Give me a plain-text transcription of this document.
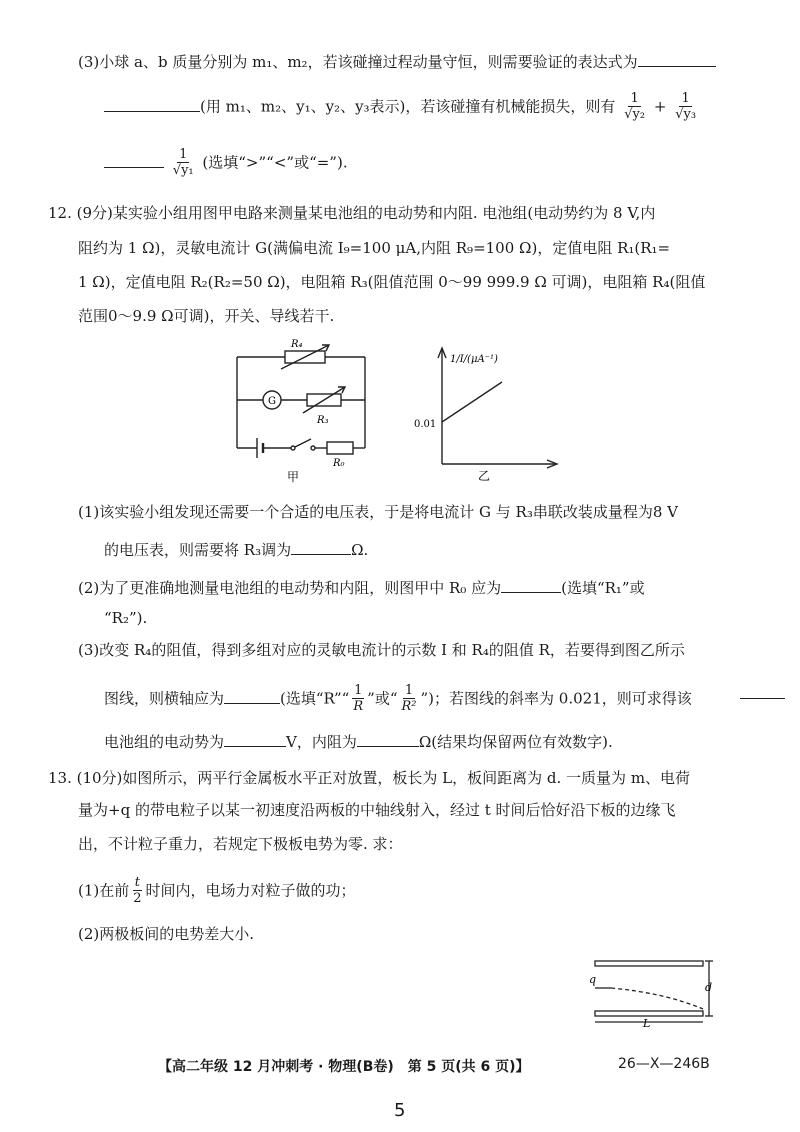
(3)小球 a、b 质量分别为 m₁、m₂，若该碰撞过程动量守恒，则需要验证的表达式为
(用 m₁、m₂、y₁、y₂、y₃表示)，若该碰撞有机械能损失，则有 $\frac{1}{\text{√y₂}} + \frac{1}{\text{√y₃}}$

$\frac{1}{\text{√y₁}}$ (选填“>”“<”或“=”).
12. (9分)某实验小组用图甲电路来测量某电池组的电动势和内阻. 电池组(电动势约为 8 V,内
阻约为 1 Ω)，灵敏电流计 G(满偏电流 I₉=100 μA,内阻 R₉=100 Ω)，定值电阻 R₁(R₁=
1 Ω)，定值电阻 R₂(R₂=50 Ω)，电阻箱 R₃(阻值范围 0～99 999.9 Ω 可调)，电阻箱 R₄(阻值
范围0～9.9 Ω可调)，开关、导线若干.
R₄
G
R₃
R₀
甲
1/I/(μA⁻¹)
0.01
乙
(1)该实验小组发现还需要一个合适的电压表，于是将电流计 G 与 R₃串联改装成量程为8 V
的电压表，则需要将 R₃调为	Ω.
(2)为了更准确地测量电池组的电动势和内阻，则图甲中 R₀ 应为	(选填“R₁”或
“R₂”).
(3)改变 R₄的阻值，得到多组对应的灵敏电流计的示数 I 和 R₄的阻值 R，若要得到图乙所示
图线，则横轴应为	(选填“R”“ $\frac{1}{R}$ ”或“ $\frac{1}{\text{R²}}$ ”)；若图线的斜率为 0.021，则可求得该
电池组的电动势为	V，内阻为	Ω(结果均保留两位有效数字).
13. (10分)如图所示，两平行金属板水平正对放置，板长为 L，板间距离为 d. 一质量为 m、电荷
量为+q 的带电粒子以某一初速度沿两板的中轴线射入，经过 t 时间后恰好沿下板的边缘飞
出，不计粒子重力，若规定下极板电势为零. 求：
(1)在前 $\frac{t}{2}$ 时间内，电场力对粒子做的功；
(2)两极板间的电势差大小.
q
d
L
【高二年级 12 月冲刺考 · 物理(B卷)　第 5 页(共 6 页)】	26—X—246B
5
